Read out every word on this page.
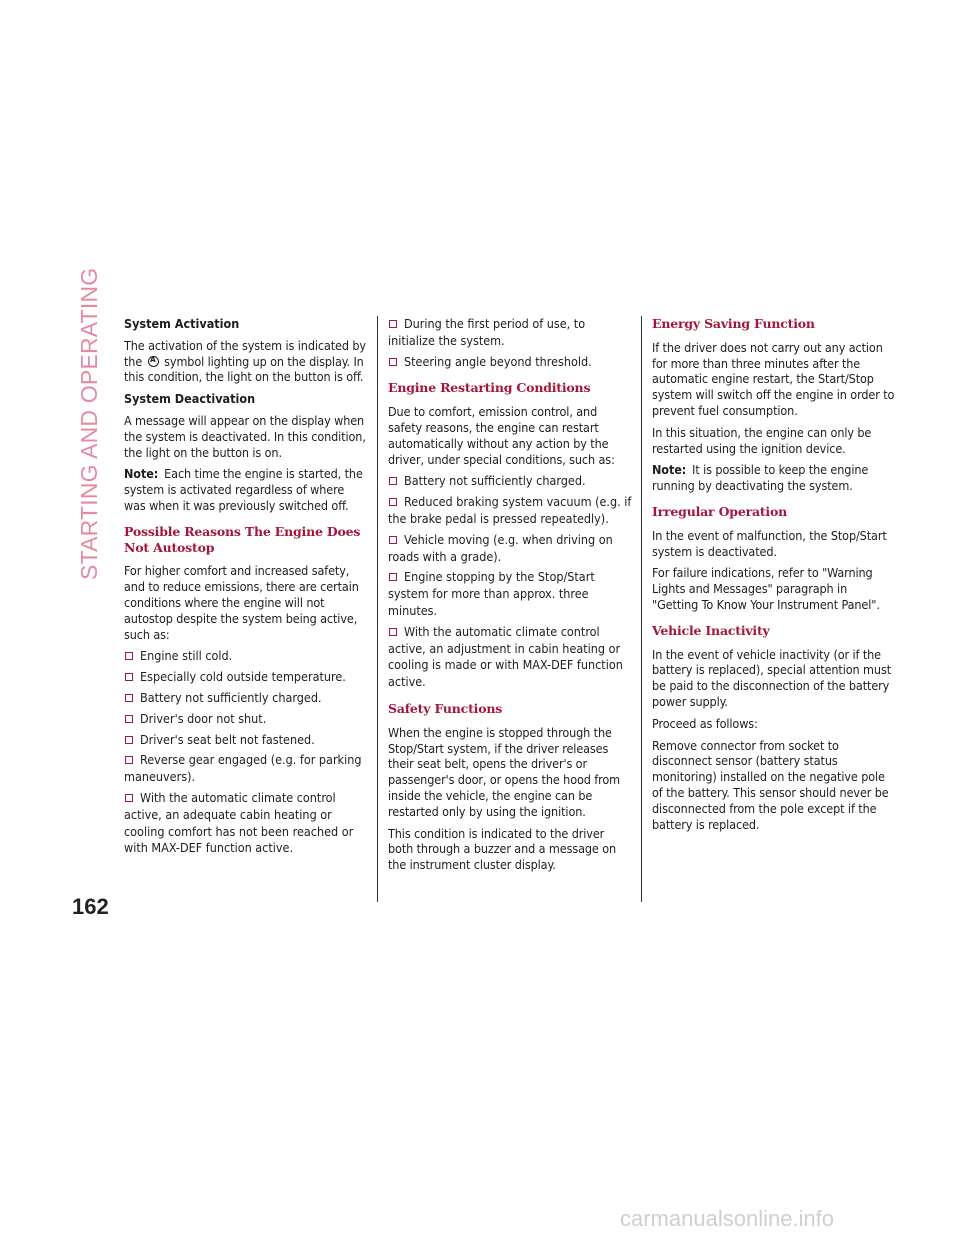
STARTING AND OPERATING
162
System Activation

The activation of the system is indicated by the A symbol lighting up on the display. In this condition, the light on the button is off.

System Deactivation

A message will appear on the display when the system is deactivated. In this condition, the light on the button is on.

Note: Each time the engine is started, the system is activated regardless of where was when it was previously switched off.

Possible Reasons The Engine Does Not Autostop

For higher comfort and increased safety, and to reduce emissions, there are certain conditions where the engine will not autostop despite the system being active, such as:

Engine still cold.
Especially cold outside temperature.
Battery not sufficiently charged.
Driver's door not shut.
Driver's seat belt not fastened.
Reverse gear engaged (e.g. for parking maneuvers).
With the automatic climate control active, an adequate cabin heating or cooling comfort has not been reached or with MAX-DEF function active.
During the first period of use, to initialize the system.
Steering angle beyond threshold.
Engine Restarting Conditions

Due to comfort, emission control, and safety reasons, the engine can restart automatically without any action by the driver, under special conditions, such as:

Battery not sufficiently charged.
Reduced braking system vacuum (e.g. if the brake pedal is pressed repeatedly).
Vehicle moving (e.g. when driving on roads with a grade).
Engine stopping by the Stop/Start system for more than approx. three minutes.
With the automatic climate control active, an adjustment in cabin heating or cooling is made or with MAX-DEF function active.
Safety Functions

When the engine is stopped through the Stop/Start system, if the driver releases their seat belt, opens the driver's or passenger's door, or opens the hood from inside the vehicle, the engine can be restarted only by using the ignition.

This condition is indicated to the driver both through a buzzer and a message on the instrument cluster display.

Energy Saving Function

If the driver does not carry out any action for more than three minutes after the automatic engine restart, the Start/Stop system will switch off the engine in order to prevent fuel consumption.

In this situation, the engine can only be restarted using the ignition device.

Note: It is possible to keep the engine running by deactivating the system.

Irregular Operation

In the event of malfunction, the Stop/Start system is deactivated.

For failure indications, refer to "Warning Lights and Messages" paragraph in "Getting To Know Your Instrument Panel".

Vehicle Inactivity

In the event of vehicle inactivity (or if the battery is replaced), special attention must be paid to the disconnection of the battery power supply.

Proceed as follows:

Remove connector from socket to disconnect sensor (battery status monitoring) installed on the negative pole of the battery. This sensor should never be disconnected from the pole except if the battery is replaced.

carmanualsonline.info
